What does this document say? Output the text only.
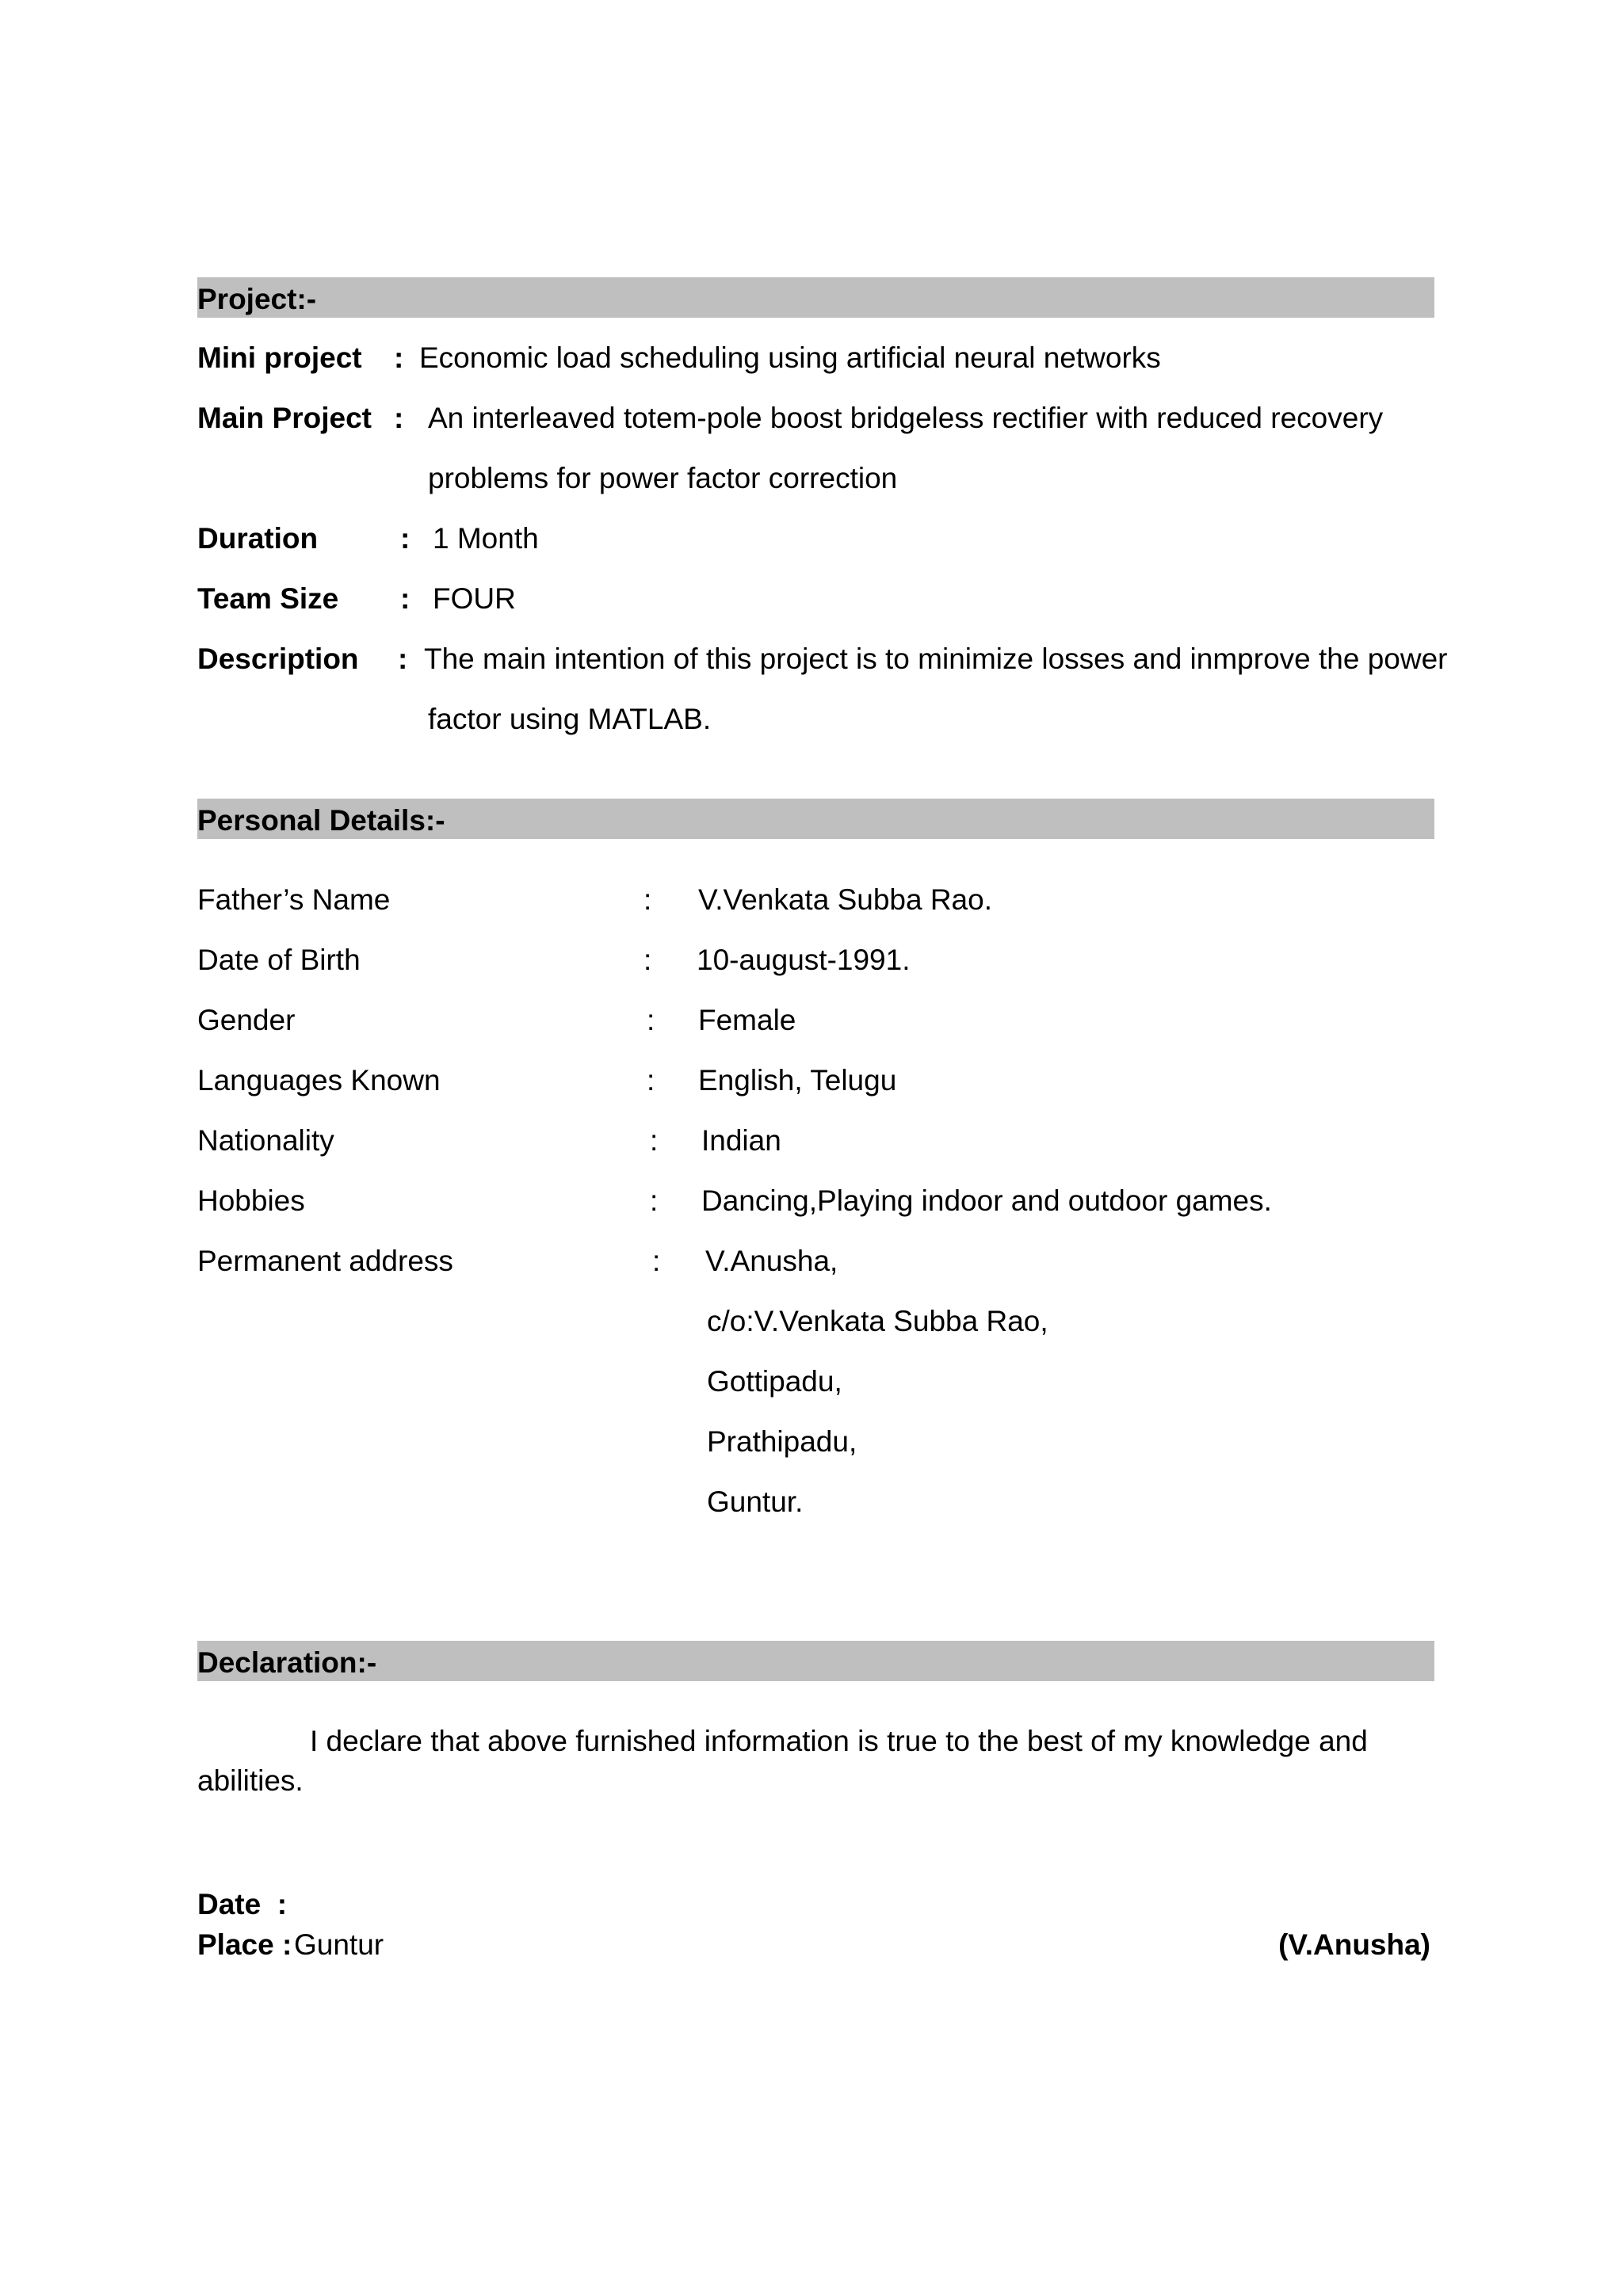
Project:-
Mini project : Economic load scheduling using artificial neural networks
Main Project : An interleaved totem-pole boost bridgeless rectifier with reduced recovery
problems for power factor correction
Duration	: 1 Month
Team Size : FOUR
Description : The main intention of this project is to minimize losses and inmprove the power
factor using MATLAB.
Personal Details:-
Father’s Name	: V.Venkata Subba Rao.
Date of Birth	: 10-august-1991.
Gender	: Female
Languages Known	: English, Telugu
Nationality	: Indian
Hobbies	: Dancing,Playing indoor and outdoor games.
Permanent address	: V.Anusha,
c/o:V.Venkata Subba Rao,
Gottipadu,
Prathipadu,
Guntur.
Declaration:-
I declare that above furnished information is true to the best of my knowledge and
abilities.
Date  :
Place : Guntur	(V.Anusha)
